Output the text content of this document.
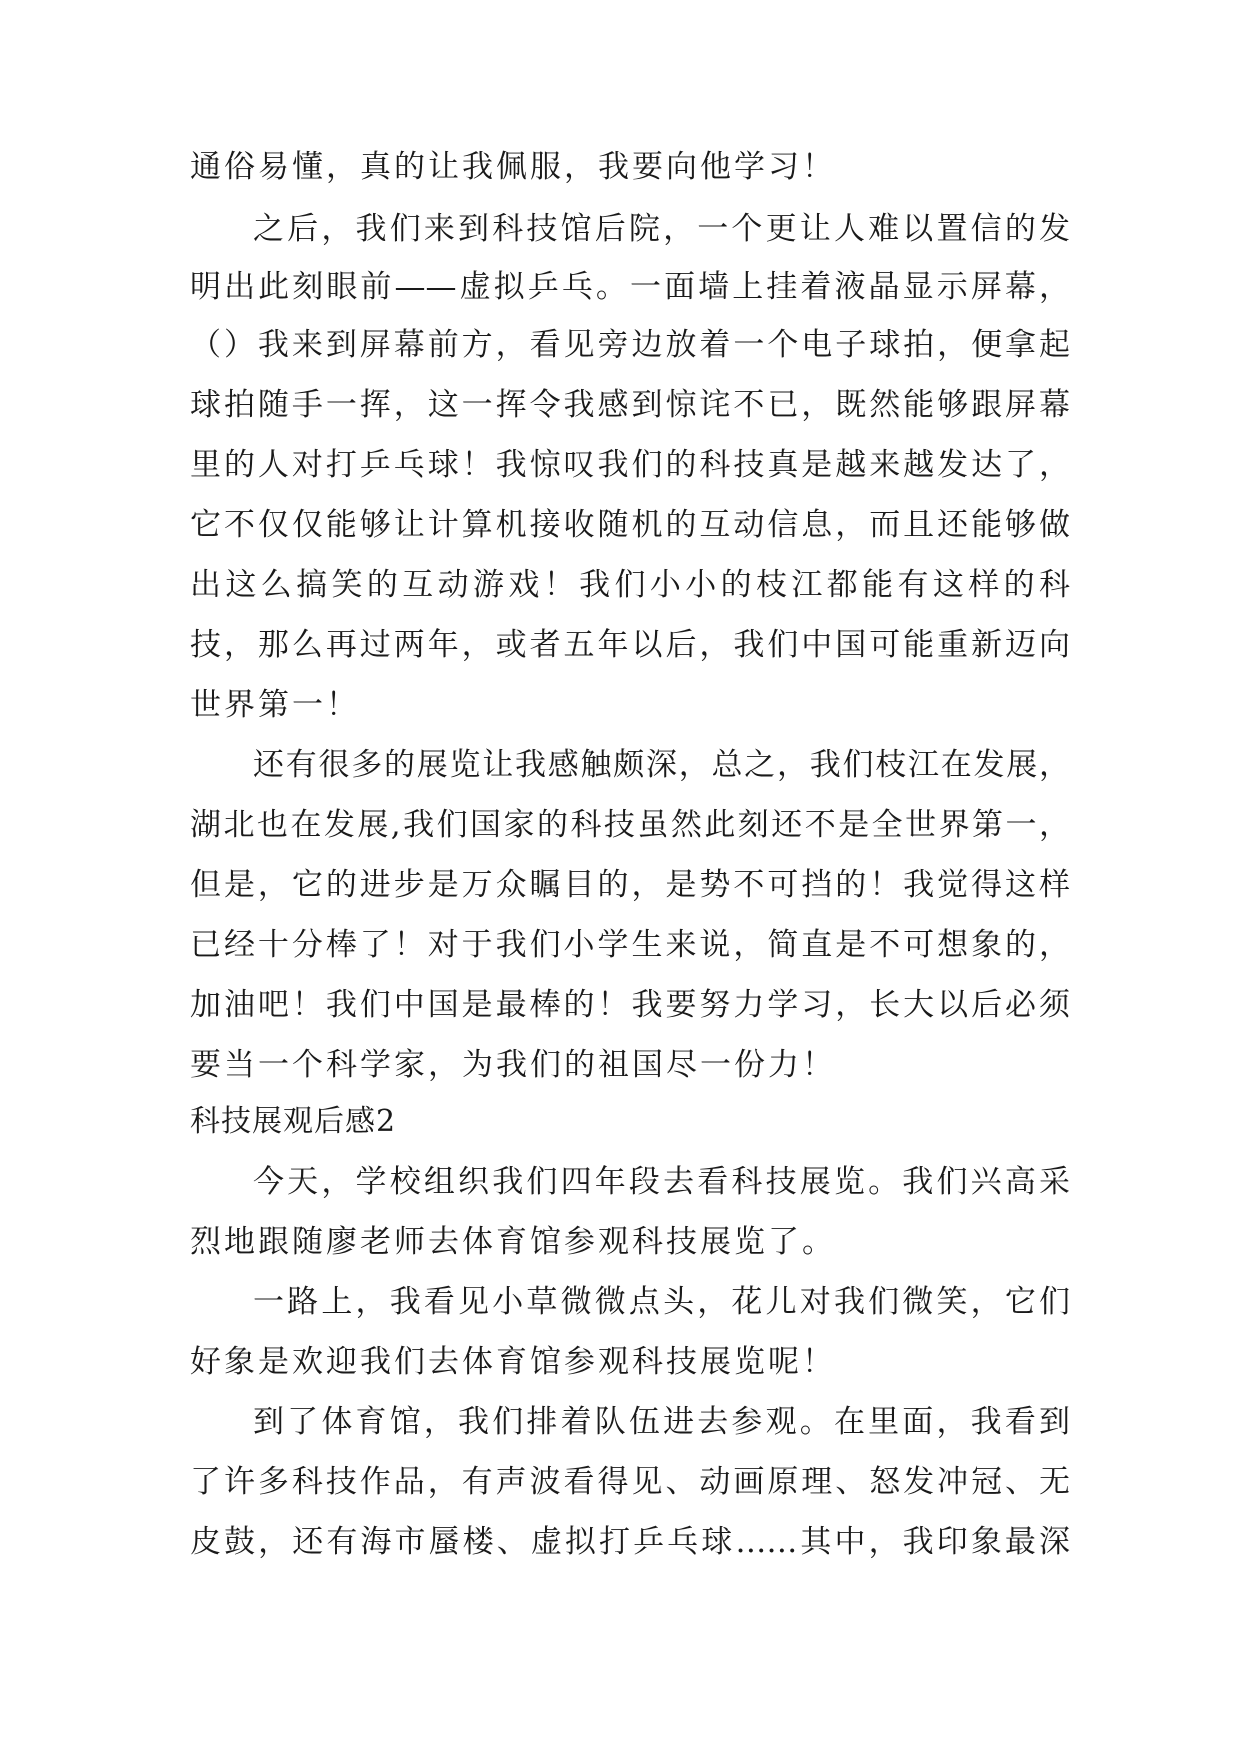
通俗易懂，真的让我佩服，我要向他学习！
之后，我们来到科技馆后院，一个更让人难以置信的发
明出此刻眼前——虚拟乒乓。一面墙上挂着液晶显示屏幕，
（）我来到屏幕前方，看见旁边放着一个电子球拍，便拿起
球拍随手一挥，这一挥令我感到惊诧不已，既然能够跟屏幕
里的人对打乒乓球！我惊叹我们的科技真是越来越发达了，
它不仅仅能够让计算机接收随机的互动信息，而且还能够做
出这么搞笑的互动游戏！我们小小的枝江都能有这样的科
技，那么再过两年，或者五年以后，我们中国可能重新迈向
世界第一！
还有很多的展览让我感触颇深，总之，我们枝江在发展，
湖北也在发展,我们国家的科技虽然此刻还不是全世界第一，
但是，它的进步是万众瞩目的，是势不可挡的！我觉得这样
已经十分棒了！对于我们小学生来说，简直是不可想象的，
加油吧！我们中国是最棒的！我要努力学习，长大以后必须
要当一个科学家，为我们的祖国尽一份力！
科技展观后感2
今天，学校组织我们四年段去看科技展览。我们兴高采
烈地跟随廖老师去体育馆参观科技展览了。
一路上，我看见小草微微点头，花儿对我们微笑，它们
好象是欢迎我们去体育馆参观科技展览呢！
到了体育馆，我们排着队伍进去参观。在里面，我看到
了许多科技作品，有声波看得见、动画原理、怒发冲冠、无
皮鼓，还有海市蜃楼、虚拟打乒乓球……其中，我印象最深
